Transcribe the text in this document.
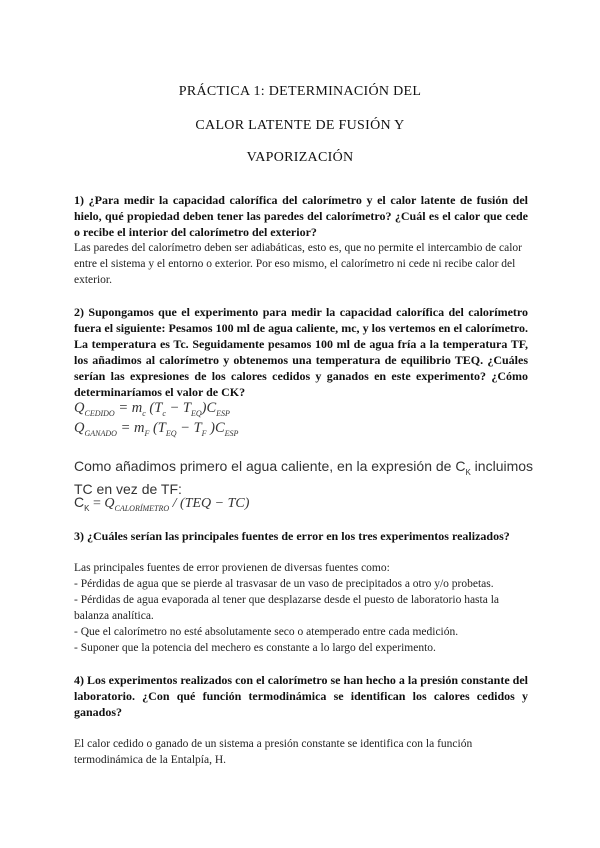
PRÁCTICA 1: DETERMINACIÓN DEL
CALOR LATENTE DE FUSIÓN Y
VAPORIZACIÓN
1) ¿Para medir la capacidad calorífica del calorímetro y el calor latente de fusión del hielo, qué propiedad deben tener las paredes del calorímetro? ¿Cuál es el calor que cede o recibe el interior del calorímetro del exterior?
Las paredes del calorímetro deben ser adiabáticas, esto es, que no permite el intercambio de calor entre el sistema y el entorno o exterior. Por eso mismo, el calorímetro ni cede ni recibe calor del exterior.
2) Supongamos que el experimento para medir la capacidad calorífica del calorímetro fuera el siguiente: Pesamos 100 ml de agua caliente, mc, y los vertemos en el calorímetro. La temperatura es Tc. Seguidamente pesamos 100 ml de agua fría a la temperatura TF, los añadimos al calorímetro y obtenemos una temperatura de equilibrio TEQ. ¿Cuáles serían las expresiones de los calores cedidos y ganados en este experimento? ¿Cómo determinaríamos el valor de CK?
$Q_{CEDIDO} = m_c$ $(T_c - T_{EQ})C_{ESP}$
$Q_{GANADO} = m_F$ ($T_{EQ} - T_F$ )$C_{ESP}$
Como añadimos primero el agua caliente, en la expresión de $C_K$ incluimos TC en vez de TF:
$C_K = Q_{CALORÍMETRO} / (TEQ - TC)$
3) ¿Cuáles serían las principales fuentes de error en los tres experimentos realizados?
Las principales fuentes de error provienen de diversas fuentes como:
- Pérdidas de agua que se pierde al trasvasar de un vaso de precipitados a otro y/o probetas.
- Pérdidas de agua evaporada al tener que desplazarse desde el puesto de laboratorio hasta la balanza analítica.
- Que el calorímetro no esté absolutamente seco o atemperado entre cada medición.
- Suponer que la potencia del mechero es constante a lo largo del experimento.
4) Los experimentos realizados con el calorímetro se han hecho a la presión constante del laboratorio. ¿Con qué función termodinámica se identifican los calores cedidos y ganados?
El calor cedido o ganado de un sistema a presión constante se identifica con la función termodinámica de la Entalpía, H.
